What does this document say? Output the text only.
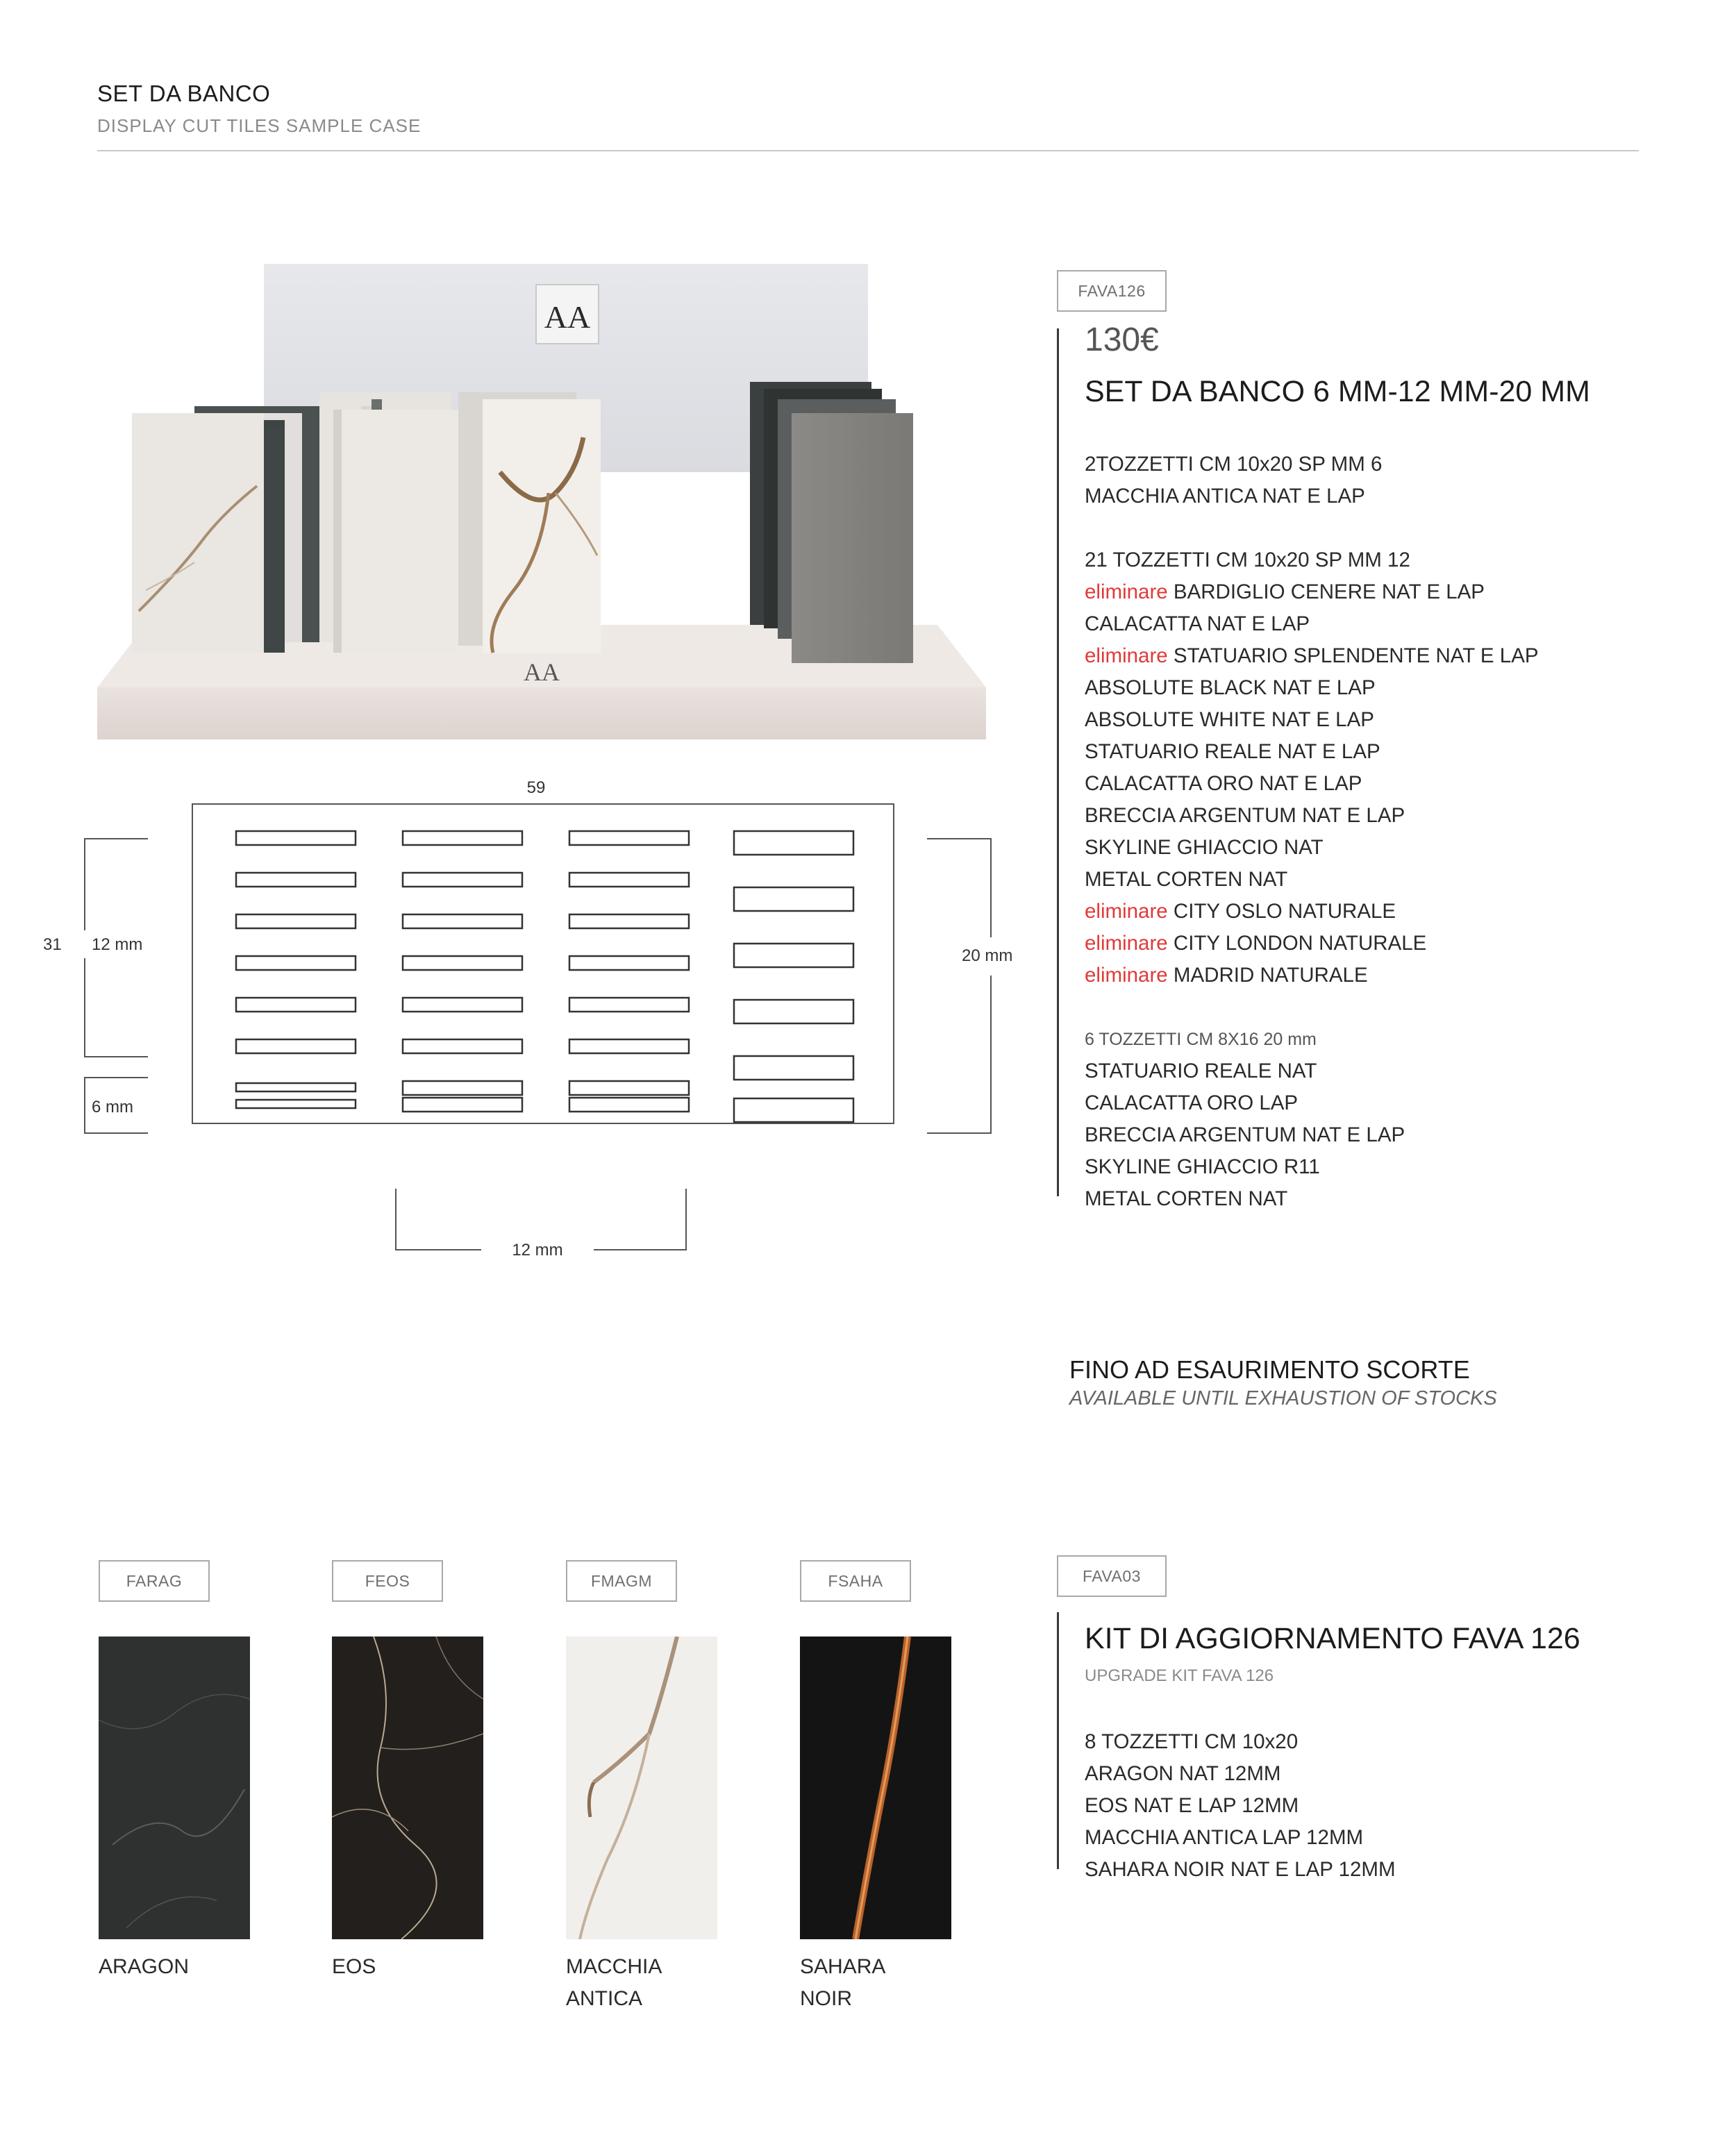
SET DA BANCO
DISPLAY CUT TILES SAMPLE CASE
AA
AA
59
12 mm
31
6 mm
20 mm
12 mm
FAVA126
130€
SET DA BANCO 6 MM-12 MM-20 MM
2TOZZETTI CM 10x20 SP MM 6
MACCHIA ANTICA NAT E LAP
21 TOZZETTI CM 10x20 SP MM 12
eliminare BARDIGLIO CENERE NAT E LAP
CALACATTA NAT E LAP
eliminare STATUARIO SPLENDENTE NAT E LAP
ABSOLUTE BLACK NAT E LAP
ABSOLUTE WHITE NAT E LAP
STATUARIO REALE NAT E LAP
CALACATTA ORO NAT E LAP
BRECCIA ARGENTUM NAT E LAP
SKYLINE GHIACCIO NAT
METAL CORTEN NAT
eliminare CITY OSLO NATURALE
eliminare CITY LONDON NATURALE
eliminare MADRID NATURALE
6 TOZZETTI CM 8X16 20 mm
STATUARIO REALE NAT
CALACATTA ORO LAP
BRECCIA ARGENTUM NAT E LAP
SKYLINE GHIACCIO R11
METAL CORTEN NAT
FINO AD ESAURIMENTO SCORTE
AVAILABLE UNTIL EXHAUSTION OF STOCKS
FAVA03
KIT DI AGGIORNAMENTO FAVA 126
UPGRADE KIT FAVA 126
8 TOZZETTI CM 10x20
ARAGON NAT 12MM
EOS NAT E LAP 12MM
MACCHIA ANTICA LAP 12MM
SAHARA NOIR NAT E LAP 12MM
FARAG	FEOS	FMAGM	FSAHA
ARAGON	EOS	MACCHIA
ANTICA
SAHARA
NOIR
